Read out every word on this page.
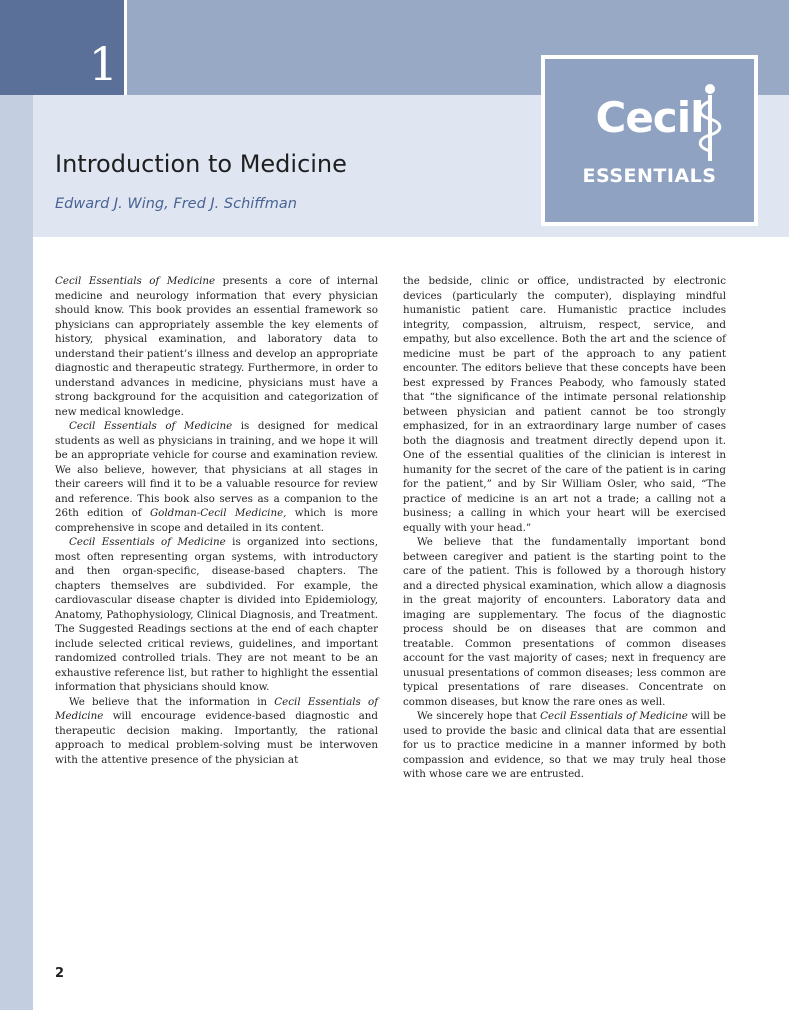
1
Introduction to Medicine
Edward J. Wing, Fred J. Schiffman
Cecil
ESSENTIALS

Cecil Essentials of Medicine presents a core of internal medicine and neurology information that every physician should know. This book provides an essential framework so physicians can appropriately assemble the key elements of history, physical examination, and laboratory data to understand their patient’s illness and develop an appropriate diagnostic and therapeutic strategy. Furthermore, in order to understand advances in medicine, physicians must have a strong background for the acquisition and categorization of new medical knowledge.

Cecil Essentials of Medicine is designed for medical students as well as physicians in training, and we hope it will be an appropriate vehicle for course and examination review. We also believe, however, that physicians at all stages in their careers will find it to be a valuable resource for review and reference. This book also serves as a companion to the 26th edition of Goldman-Cecil Medicine, which is more comprehensive in scope and detailed in its content.

Cecil Essentials of Medicine is organized into sections, most often representing organ systems, with introductory and then organ-specific, disease-based chapters. The chapters themselves are subdivided. For example, the cardiovascular disease chapter is divided into Epidemiology, Anatomy, Pathophysiology, Clinical Diagnosis, and Treatment. The Suggested Readings sections at the end of each chapter include selected critical reviews, guidelines, and important randomized controlled trials. They are not meant to be an exhaustive reference list, but rather to highlight the essential information that physicians should know.

We believe that the information in Cecil Essentials of Medicine will encourage evidence-based diagnostic and therapeutic decision making. Importantly, the rational approach to medical problem-solving must be interwoven with the attentive presence of the physician at

the bedside, clinic or office, undistracted by electronic devices (particularly the computer), displaying mindful humanistic patient care. Humanistic practice includes integrity, compassion, altruism, respect, service, and empathy, but also excellence. Both the art and the science of medicine must be part of the approach to any patient encounter. The editors believe that these concepts have been best expressed by Frances Peabody, who famously stated that “the significance of the intimate personal relationship between physician and patient cannot be too strongly emphasized, for in an extraordinary large number of cases both the diagnosis and treatment directly depend upon it. One of the essential qualities of the clinician is interest in humanity for the secret of the care of the patient is in caring for the patient,” and by Sir William Osler, who said, “The practice of medicine is an art not a trade; a calling not a business; a calling in which your heart will be exercised equally with your head.”

We believe that the fundamentally important bond between caregiver and patient is the starting point to the care of the patient. This is followed by a thorough history and a directed physical examination, which allow a diagnosis in the great majority of encounters. Laboratory data and imaging are supplementary. The focus of the diagnostic process should be on diseases that are common and treatable. Common presentations of common diseases account for the vast majority of cases; next in frequency are unusual presentations of common diseases; less common are typical presentations of rare diseases. Concentrate on common diseases, but know the rare ones as well.

We sincerely hope that Cecil Essentials of Medicine will be used to provide the basic and clinical data that are essential for us to practice medicine in a manner informed by both compassion and evidence, so that we may truly heal those with whose care we are entrusted.

2
